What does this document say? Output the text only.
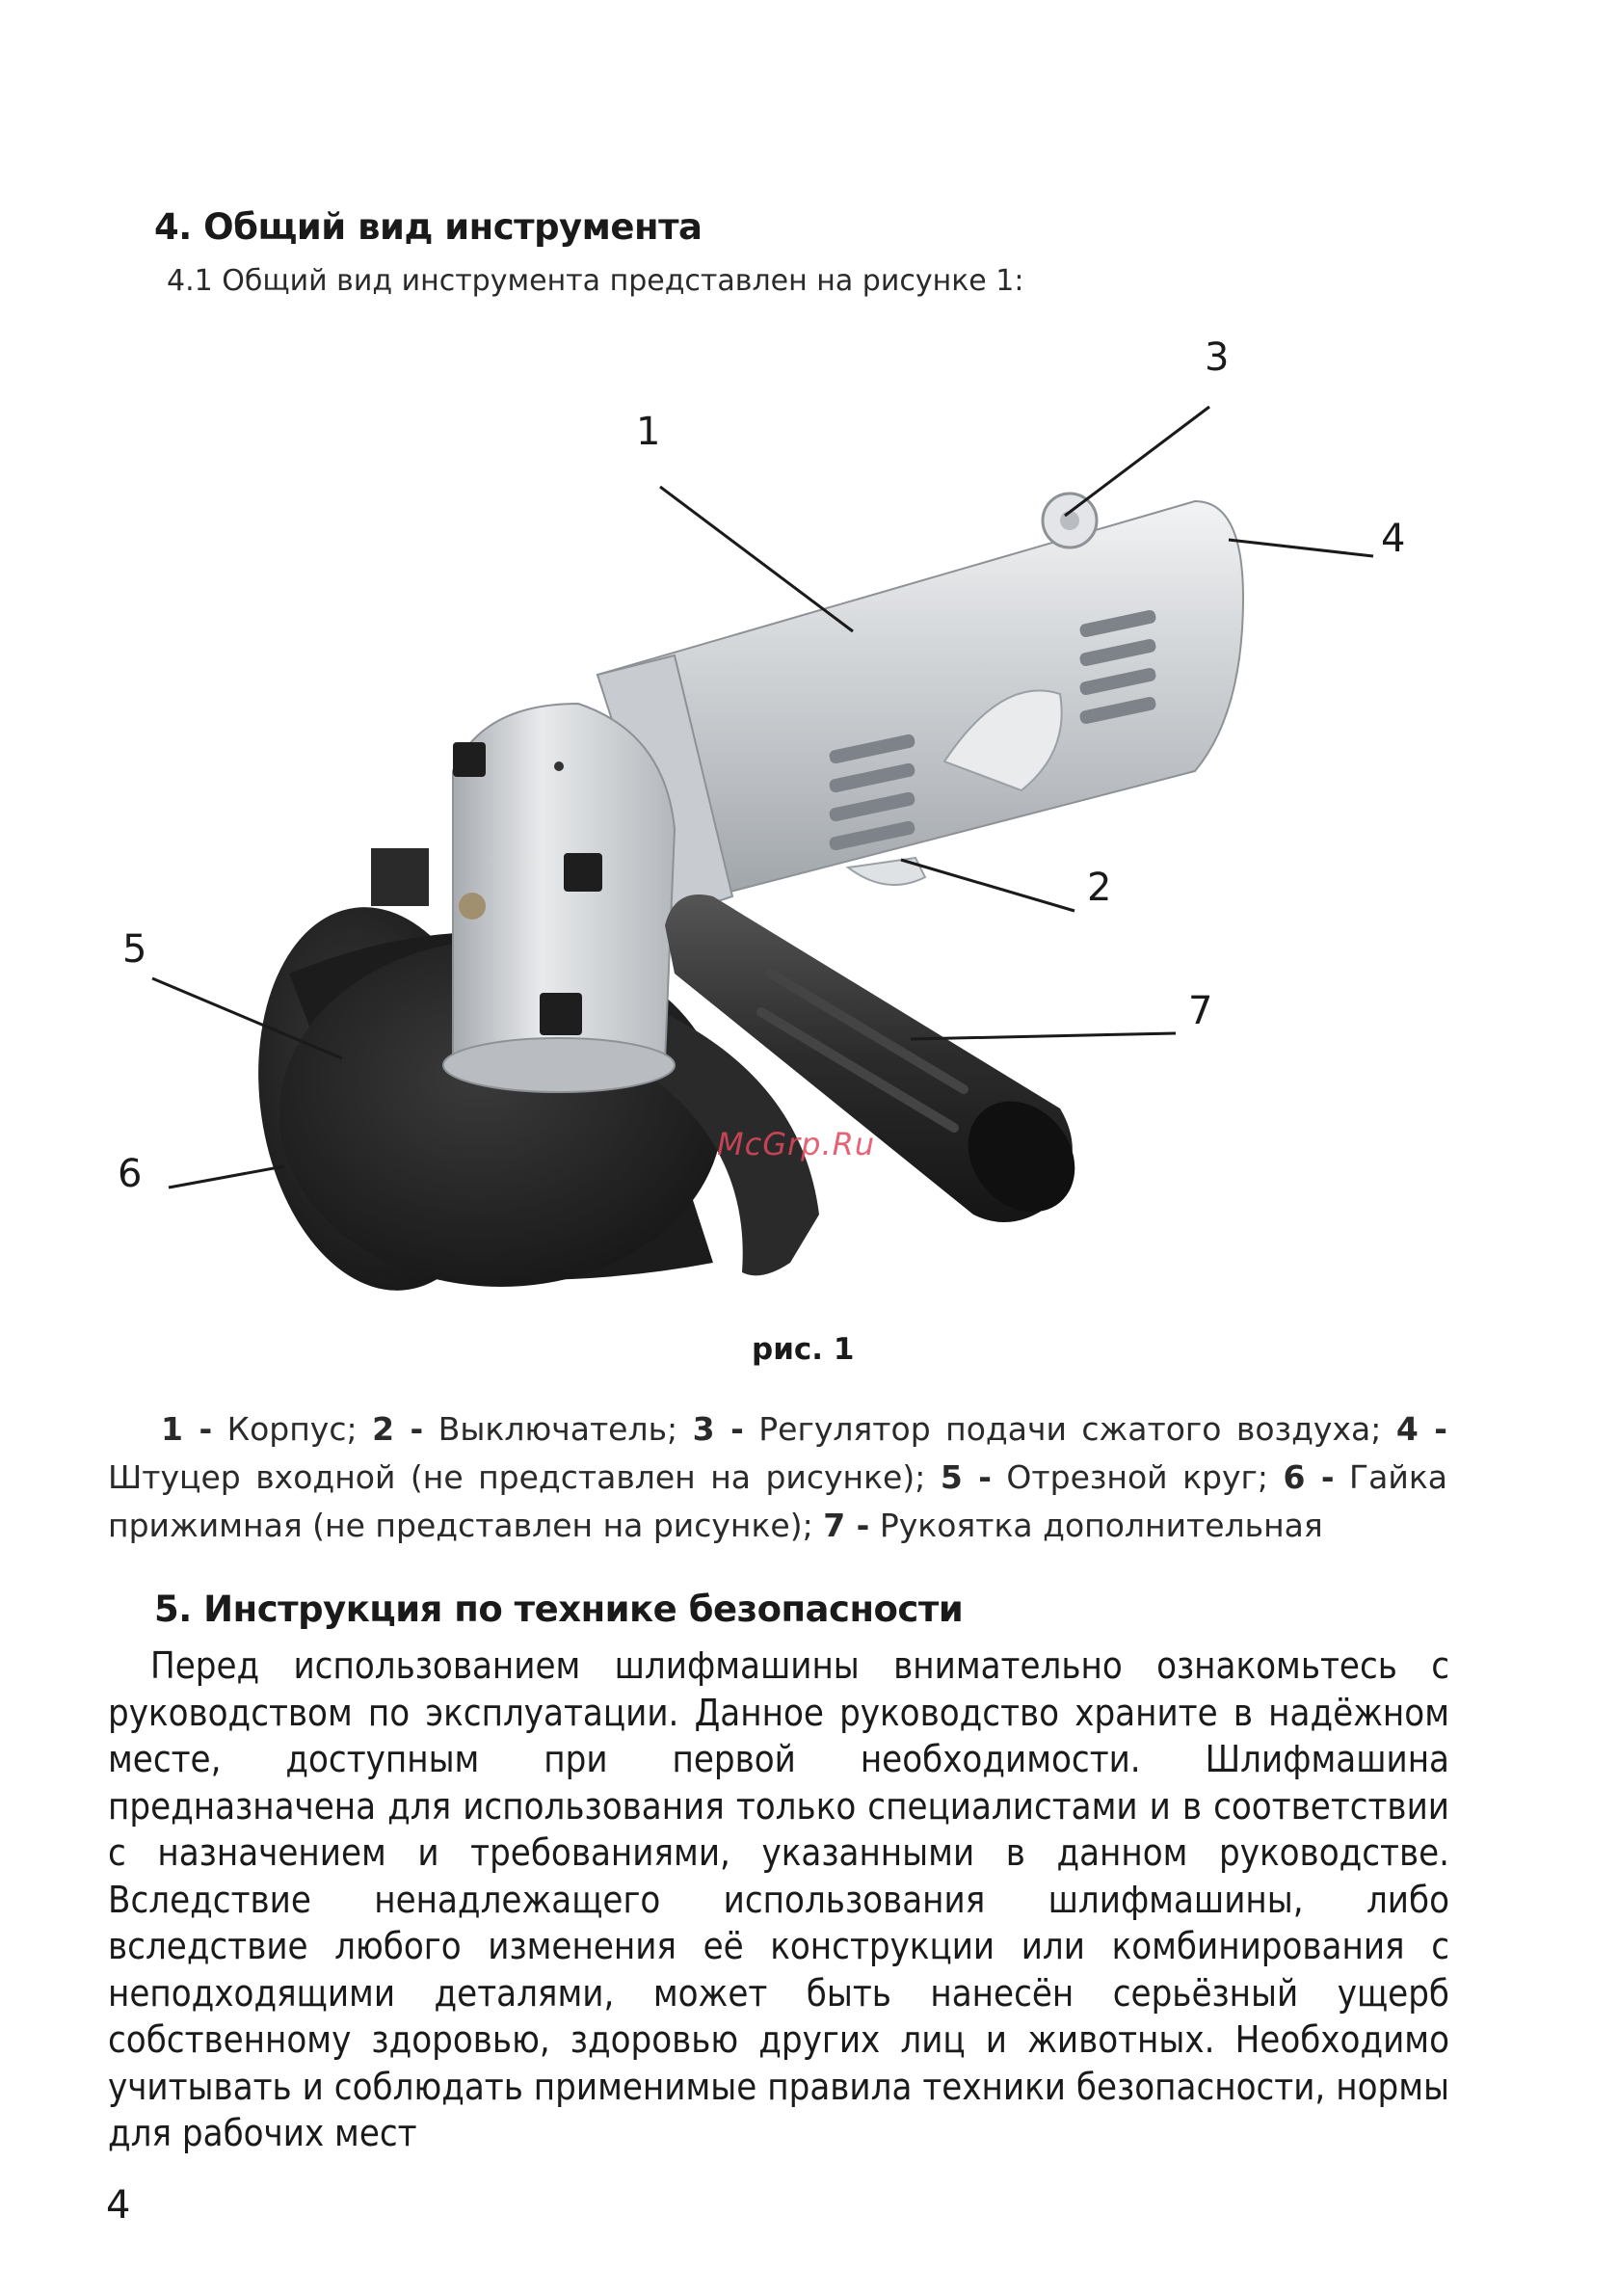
4. Общий вид инструмента
4.1 Общий вид инструмента представлен на рисунке 1:
1
2
3
4
5
6
7
McGrp.Ru
рис. 1
1 - Корпус; 2 - Выключатель; 3 - Регулятор подачи сжатого воздуха; 4 - Штуцер входной (не представлен на рисунке); 5 - Отрезной круг; 6 - Гайка прижимная (не представлен на рисунке); 7 - Рукоятка дополнительная
5. Инструкция по технике безопасности
Перед использованием шлифмашины внимательно ознакомьтесь с руководством по эксплуатации. Данное руководство храните в надёжном месте, доступным при первой необходимости. Шлифмашина предназначена для использования только специалистами и в соответствии с назначением и требованиями, указанными в данном руководстве. Вследствие ненадлежащего использования шлифмашины, либо вследствие любого изменения её конструкции или комбинирования с неподходящими деталями, может быть нанесён серьёзный ущерб собственному здоровью, здоровью других лиц и животных. Необходимо учитывать и соблюдать применимые правила техники безопасности, нормы для рабочих мест
4
